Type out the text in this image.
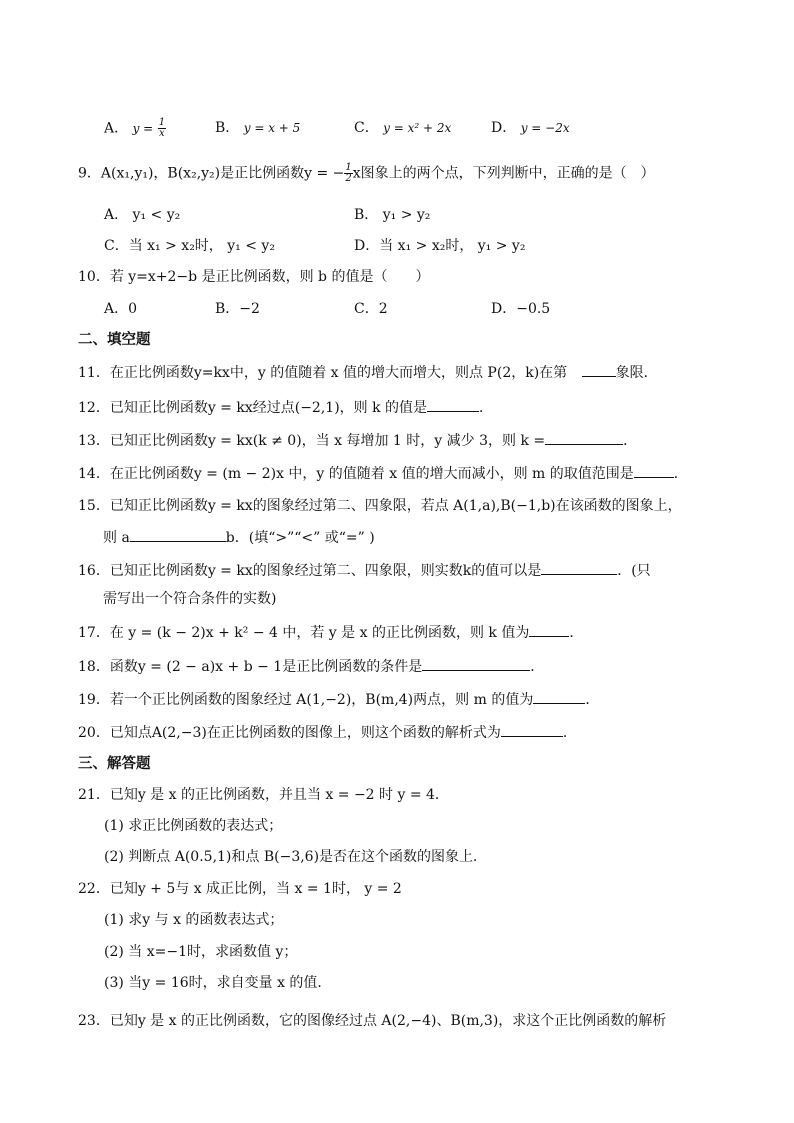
A． $y = \frac{1}{x}$	B． y = x + 5	C． y = x² + 2x	D． y = −2x
9．A(x₁,y₁)，B(x₂,y₂)是正比例函数y = − $\frac{1}{2}$ x图象上的两个点，下列判断中，正确的是（　）
A． y₁ < y₂	B． y₁ > y₂
C．当 x₁ > x₂时， y₁ < y₂	D．当 x₁ > x₂时， y₁ > y₂
10．若 y=x+2−b 是正比例函数，则 b 的值是（　　）
A．0	B．−2	C．2	D．−0.5
二、填空题
11．在正比例函数y=kx中，y 的值随着 x 值的增大而增大，则点 P(2，k)在第	象限．
12．已知正比例函数y = kx经过点(−2,1)，则 k 的值是	．
13．已知正比例函数y = kx(k ≠ 0)，当 x 每增加 1 时，y 减少 3，则 k =	．
14．在正比例函数y = (m − 2)x 中，y 的值随着 x 值的增大而减小，则 m 的取值范围是	．
15．已知正比例函数y = kx的图象经过第二、四象限，若点 A(1,a),B(−1,b)在该函数的图象上，
则 a	b．(填“>”“<” 或“=” )
16．已知正比例函数y = kx的图象经过第二、四象限，则实数k的值可以是	．(只
需写出一个符合条件的实数)
17．在 y = (k − 2)x + k² − 4 中，若 y 是 x 的正比例函数，则 k 值为	．
18．函数y = (2 − a)x + b − 1是正比例函数的条件是	．
19．若一个正比例函数的图象经过 A(1,−2)，B(m,4)两点，则 m 的值为	．
20．已知点A(2,−3)在正比例函数的图像上，则这个函数的解析式为	．
三、解答题
21．已知y 是 x 的正比例函数，并且当 x = −2 时 y = 4．
(1) 求正比例函数的表达式；
(2) 判断点 A(0.5,1)和点 B(−3,6)是否在这个函数的图象上．
22．已知y + 5与 x 成正比例，当 x = 1时， y = 2
(1) 求y 与 x 的函数表达式；
(2) 当 x=−1时，求函数值 y；
(3) 当y = 16时，求自变量 x 的值．
23．已知y 是 x 的正比例函数，它的图像经过点 A(2,−4)、B(m,3)，求这个正比例函数的解析
